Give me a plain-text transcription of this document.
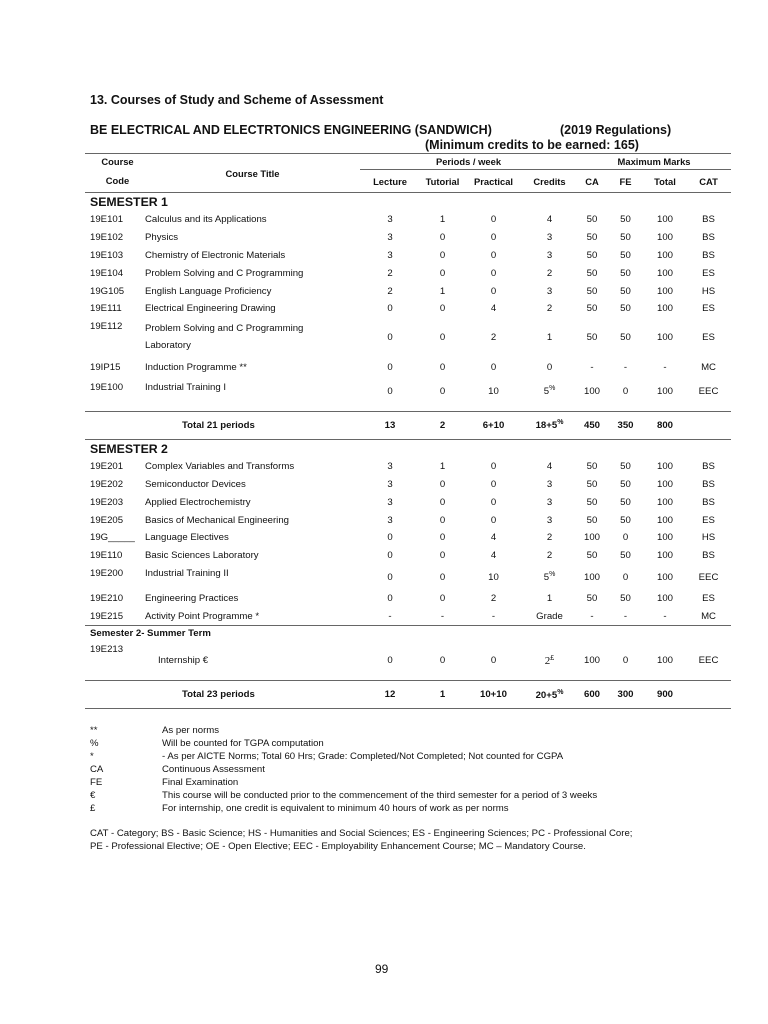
13. Courses of Study and Scheme of Assessment
BE ELECTRICAL AND ELECTRTONICS ENGINEERING (SANDWICH)	(2019 Regulations)
(Minimum credits to be earned: 165)
Course	Course Title	Periods / week				Maximum Marks			
Code		Lecture	Tutorial	Practical	Credits	CA	FE	Total	CAT
SEMESTER 1									
19E101	Calculus and its Applications	3	1	0	4	50	50	100	BS
19E102	Physics	3	0	0	3	50	50	100	BS
19E103	Chemistry of Electronic Materials	3	0	0	3	50	50	100	BS
19E104	Problem Solving and C Programming	2	0	0	2	50	50	100	ES
19G105	English Language Proficiency	2	1	0	3	50	50	100	HS
19E111	Electrical Engineering Drawing	0	0	4	2	50	50	100	ES
19E112	Problem Solving and C Programming
Laboratory	0	0	2	1	50	50	100	ES
19IP15	Induction Programme **	0	0	0	0	-	-	-	MC
19E100	Industrial Training I	0	0	10	5%	100	0	100	EEC

	Total 21 periods	13	2	6+10	18+5%	450	350	800	
SEMESTER 2									
19E201	Complex Variables and Transforms	3	1	0	4	50	50	100	BS
19E202	Semiconductor Devices	3	0	0	3	50	50	100	BS
19E203	Applied Electrochemistry	3	0	0	3	50	50	100	BS
19E205	Basics of Mechanical Engineering	3	0	0	3	50	50	100	ES
19G_____	Language Electives	0	0	4	2	100	0	100	HS
19E110	Basic Sciences Laboratory	0	0	4	2	50	50	100	BS
19E200	Industrial Training II	0	0	10	5%	100	0	100	EEC
19E210	Engineering Practices	0	0	2	1	50	50	100	ES
19E215	Activity Point Programme *	-	-	-	Grade	-	-	-	MC
Semester 2- Summer Term									
19E213	Internship €	0	0	0	2£	100	0	100	EEC
	Total 23 periods	12	1	10+10	20+5%	600	300	900	
**	As per norms
%	Will be counted for TGPA computation
*	- As per AICTE Norms; Total 60 Hrs; Grade: Completed/Not Completed; Not counted for CGPA
CA	Continuous Assessment
FE	Final Examination
€	This course will be conducted prior to the commencement of the third semester for a period of 3 weeks
£	For internship, one credit is equivalent to minimum 40 hours of work as per norms
CAT - Category; BS - Basic Science; HS - Humanities and Social Sciences; ES - Engineering Sciences; PC - Professional Core;
PE - Professional Elective; OE - Open Elective; EEC - Employability Enhancement Course; MC – Mandatory Course.
99
